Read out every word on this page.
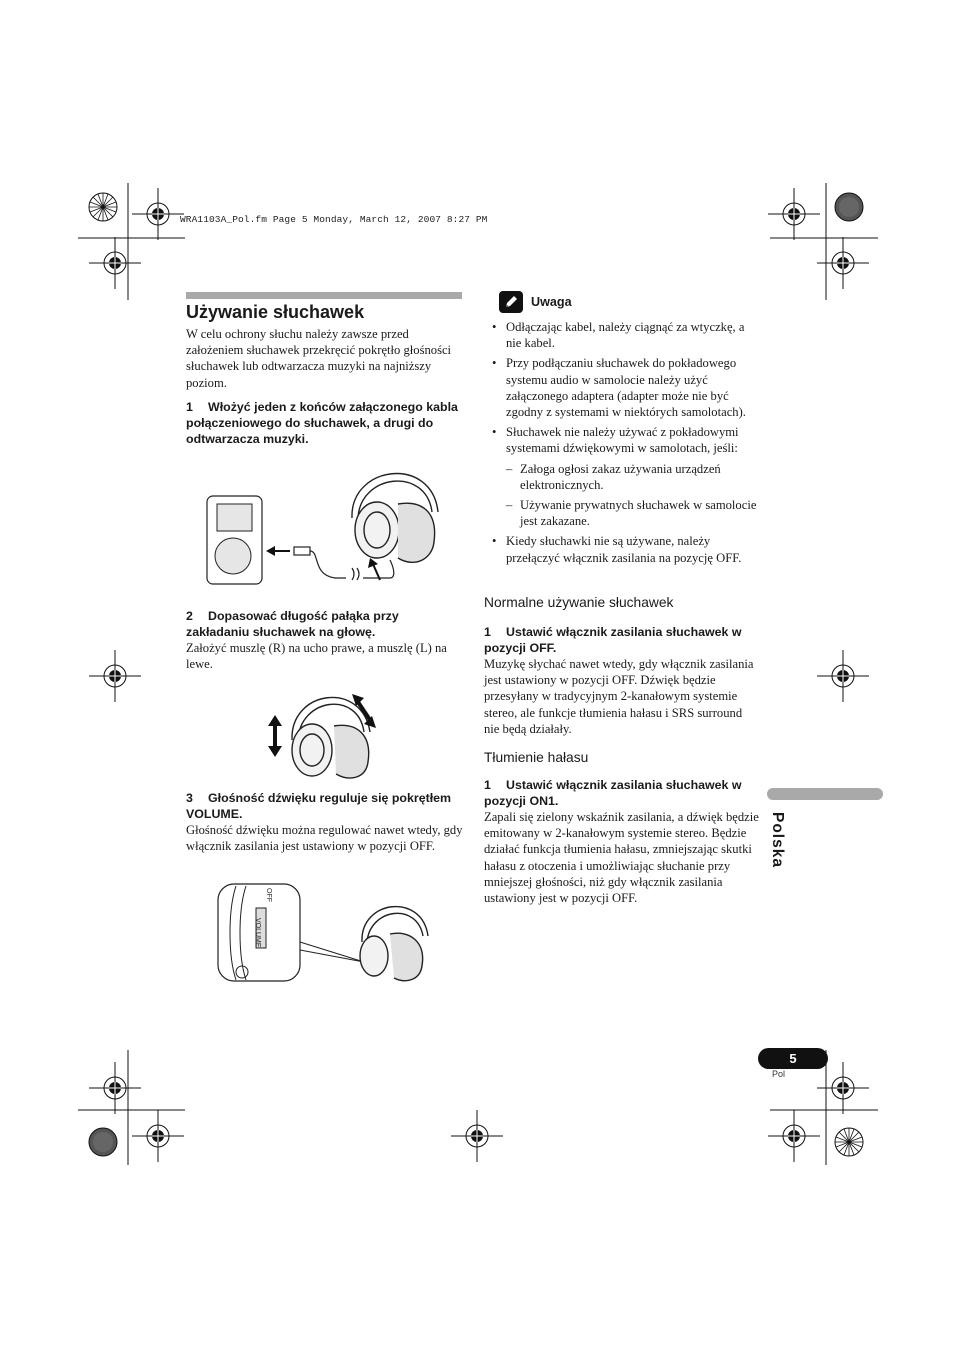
WRA1103A_Pol.fm Page 5 Monday, March 12, 2007 8:27 PM
Używanie słuchawek

W celu ochrony słuchu należy zawsze przed założeniem słuchawek przekręcić pokrętło głośności słuchawek lub odtwarzacza muzyki na najniższy poziom.

1 Włożyć jeden z końców załączonego kabla połączeniowego do słuchawek, a drugi do odtwarzacza muzyki.

2 Dopasować długość pałąka przy zakładaniu słuchawek na głowę.

Założyć muszlę (R) na ucho prawe, a muszlę (L) na lewe.

3 Głośność dźwięku reguluje się pokrętłem VOLUME.

Głośność dźwięku można regulować nawet wtedy, gdy włącznik zasilania jest ustawiony w pozycji OFF.

OFF
VOLUME
Uwaga
• Odłączając kabel, należy ciągnąć za wtyczkę, a nie kabel.
• Przy podłączaniu słuchawek do pokładowego systemu audio w samolocie należy użyć załączonego adaptera (adapter może nie być zgodny z systemami w niektórych samolotach).
• Słuchawek nie należy używać z pokładowymi systemami dźwiękowymi w samolotach, jeśli:
– Załoga ogłosi zakaz używania urządzeń elektronicznych.
– Używanie prywatnych słuchawek w samolocie jest zakazane.
• Kiedy słuchawki nie są używane, należy przełączyć włącznik zasilania na pozycję OFF.
Normalne używanie słuchawek

1 Ustawić włącznik zasilania słuchawek w pozycji OFF.

Muzykę słychać nawet wtedy, gdy włącznik zasilania jest ustawiony w pozycji OFF. Dźwięk będzie przesyłany w tradycyjnym 2-kanałowym systemie stereo, ale funkcje tłumienia hałasu i SRS surround nie będą działały.

Tłumienie hałasu

1 Ustawić włącznik zasilania słuchawek w pozycji ON1.

Zapali się zielony wskaźnik zasilania, a dźwięk będzie emitowany w 2-kanałowym systemie stereo. Będzie działać funkcja tłumienia hałasu, zmniejszając skutki hałasu z otoczenia i umożliwiając słuchanie przy mniejszej głośności, niż gdy włącznik zasilania ustawiony jest w pozycji OFF.

Polska
5
Pol
